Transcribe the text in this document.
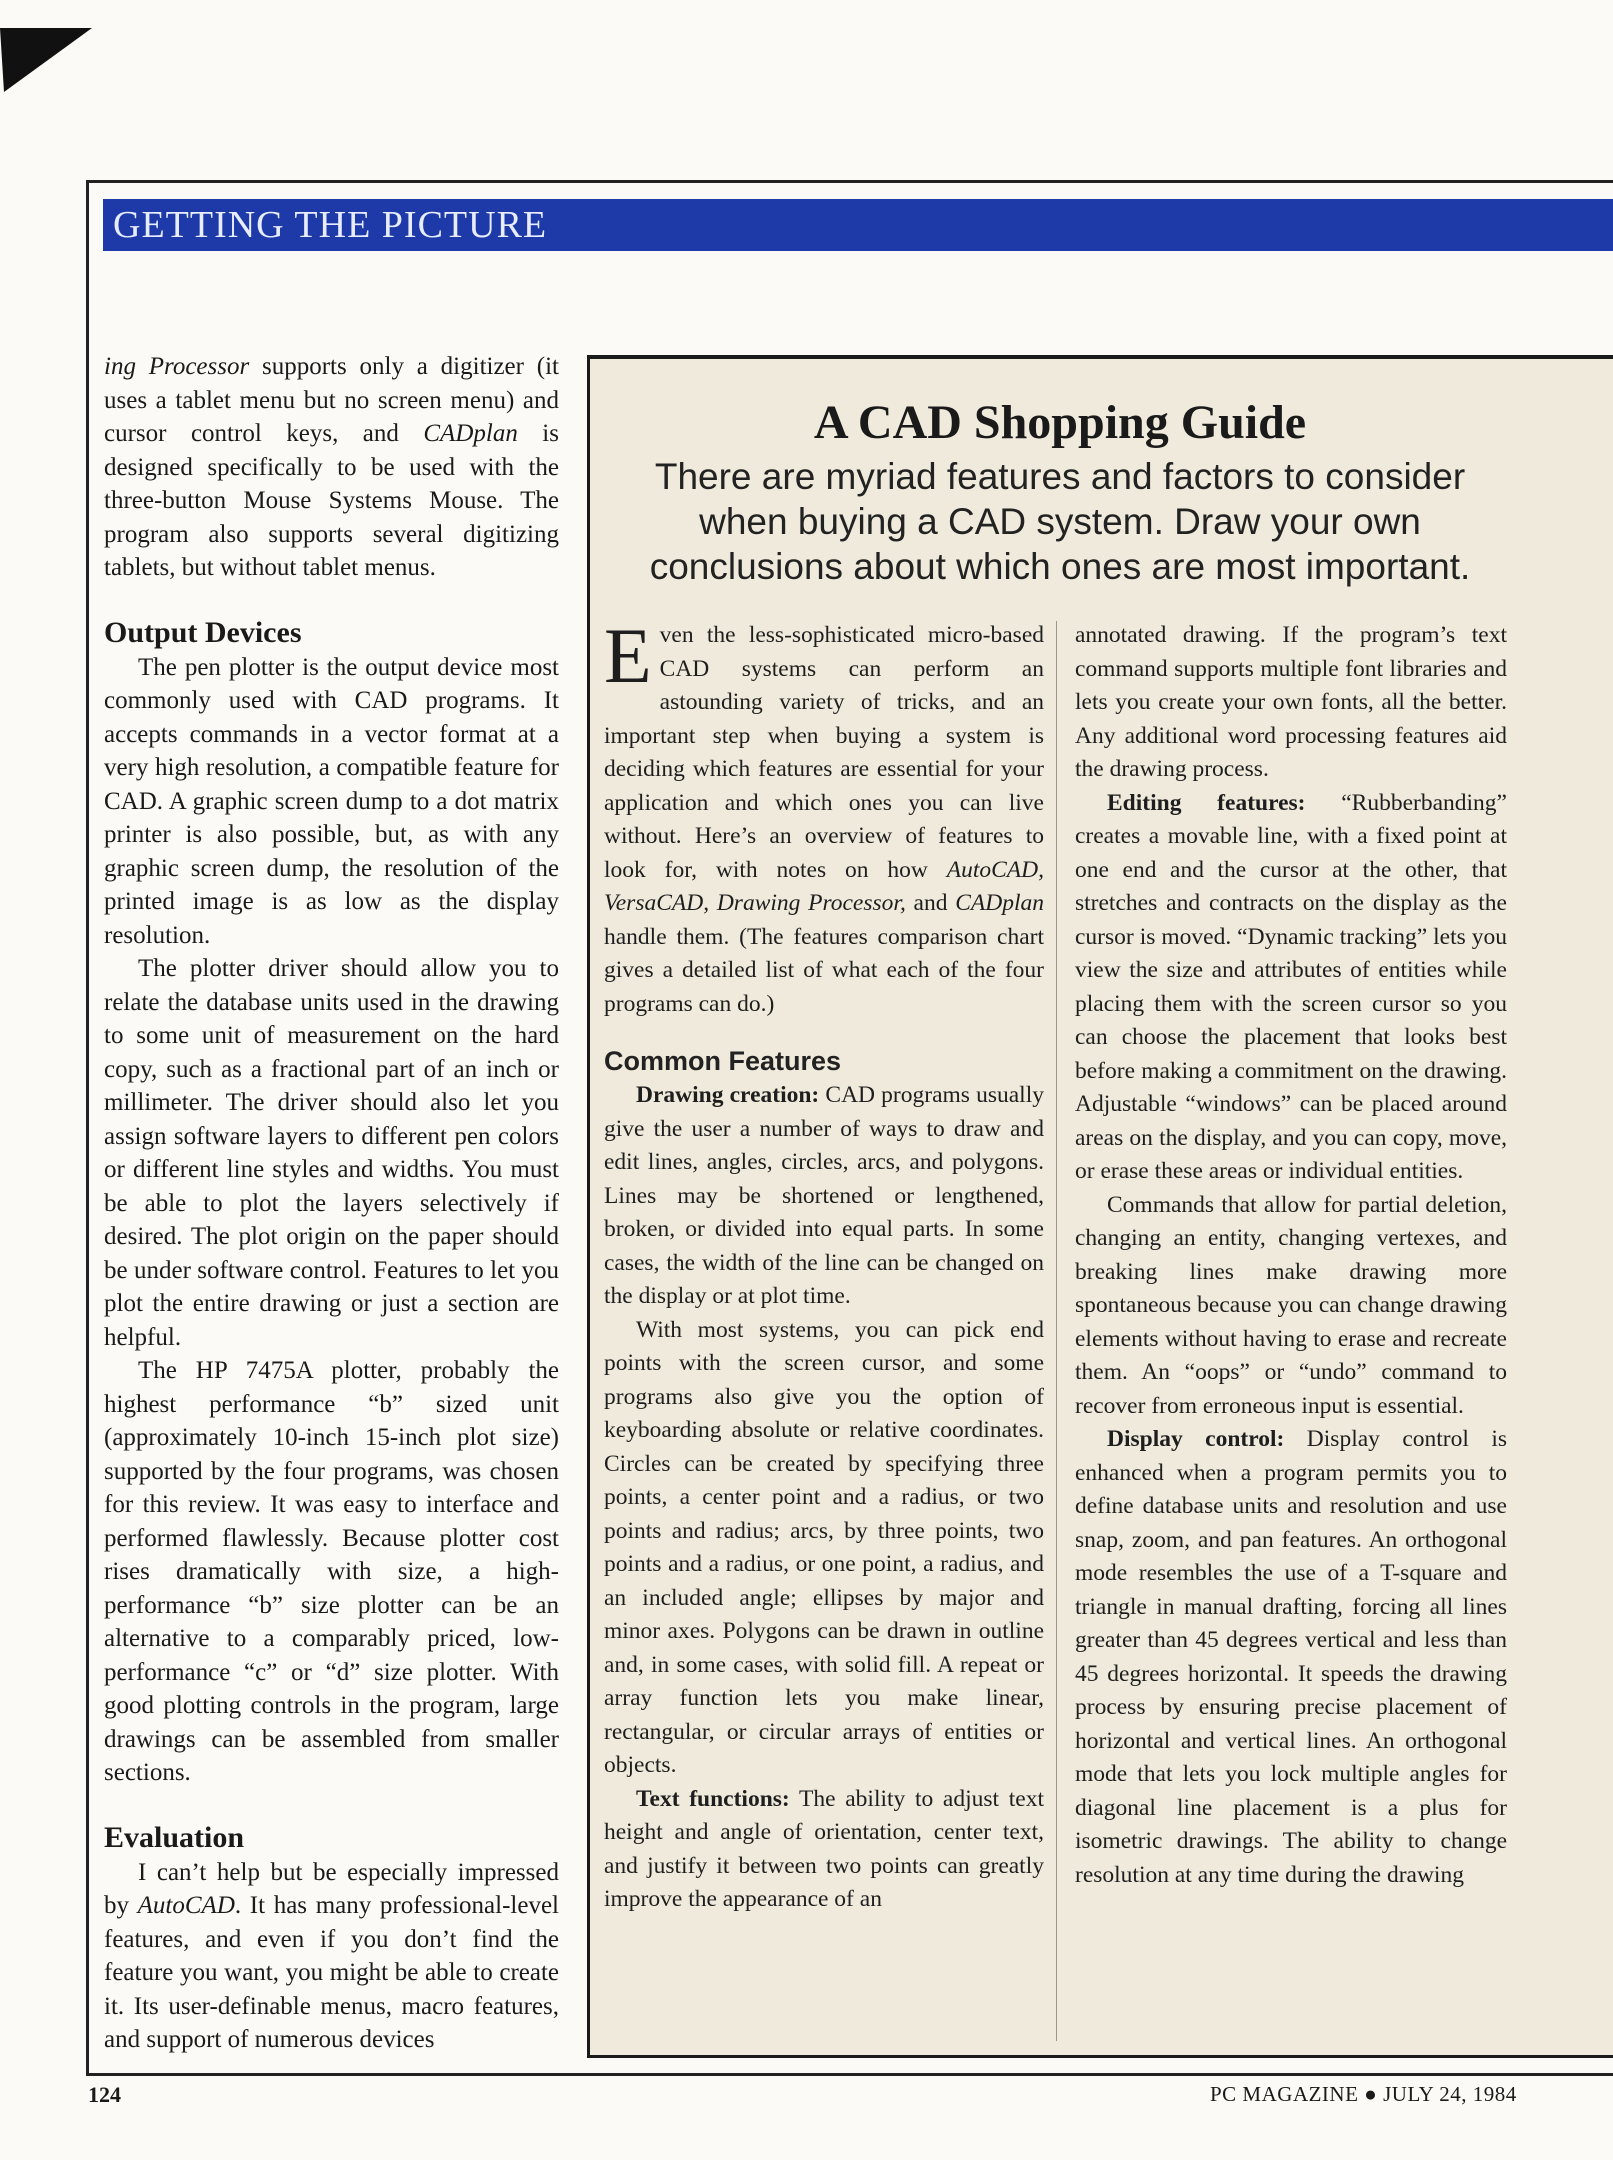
GETTING THE PICTURE

ing Processor supports only a digitizer (it uses a tablet menu but no screen menu) and cursor control keys, and CADplan is designed specifically to be used with the three-button Mouse Systems Mouse. The program also supports several digitizing tablets, but without tablet menus.

Output Devices

The pen plotter is the output device most commonly used with CAD programs. It accepts commands in a vector format at a very high resolution, a compatible feature for CAD. A graphic screen dump to a dot matrix printer is also possible, but, as with any graphic screen dump, the resolution of the printed image is as low as the display resolution.

The plotter driver should allow you to relate the database units used in the drawing to some unit of measurement on the hard copy, such as a fractional part of an inch or millimeter. The driver should also let you assign software layers to different pen colors or different line styles and widths. You must be able to plot the layers selectively if desired. The plot origin on the paper should be under software control. Features to let you plot the entire drawing or just a section are helpful.

The HP 7475A plotter, probably the highest performance “b” sized unit (approximately 10-inch 15-inch plot size) supported by the four programs, was chosen for this review. It was easy to interface and performed flawlessly. Because plotter cost rises dramatically with size, a high-performance “b” size plotter can be an alternative to a comparably priced, low-performance “c” or “d” size plotter. With good plotting controls in the program, large drawings can be assembled from smaller sections.

Evaluation

I can’t help but be especially impressed by AutoCAD. It has many professional-level features, and even if you don’t find the feature you want, you might be able to create it. Its user-definable menus, macro features, and support of numerous devices

A CAD Shopping Guide
There are myriad features and factors to consider when buying a CAD system. Draw your own conclusions about which ones are most important.

Even the less-sophisticated micro-based CAD systems can perform an astounding variety of tricks, and an important step when buying a system is deciding which features are essential for your application and which ones you can live without. Here’s an overview of features to look for, with notes on how AutoCAD, VersaCAD, Drawing Processor, and CADplan handle them. (The features comparison chart gives a detailed list of what each of the four programs can do.)

Common Features

Drawing creation: CAD programs usually give the user a number of ways to draw and edit lines, angles, circles, arcs, and polygons. Lines may be shortened or lengthened, broken, or divided into equal parts. In some cases, the width of the line can be changed on the display or at plot time.

With most systems, you can pick end points with the screen cursor, and some programs also give you the option of keyboarding absolute or relative coordinates. Circles can be created by specifying three points, a center point and a radius, or two points and radius; arcs, by three points, two points and a radius, or one point, a radius, and an included angle; ellipses by major and minor axes. Polygons can be drawn in outline and, in some cases, with solid fill. A repeat or array function lets you make linear, rectangular, or circular arrays of entities or objects.

Text functions: The ability to adjust text height and angle of orientation, center text, and justify it between two points can greatly improve the appearance of an

annotated drawing. If the program’s text command supports multiple font libraries and lets you create your own fonts, all the better. Any additional word processing features aid the drawing process.

Editing features: “Rubberbanding” creates a movable line, with a fixed point at one end and the cursor at the other, that stretches and contracts on the display as the cursor is moved. “Dynamic tracking” lets you view the size and attributes of entities while placing them with the screen cursor so you can choose the placement that looks best before making a commitment on the drawing. Adjustable “windows” can be placed around areas on the display, and you can copy, move, or erase these areas or individual entities.

Commands that allow for partial deletion, changing an entity, changing vertexes, and breaking lines make drawing more spontaneous because you can change drawing elements without having to erase and recreate them. An “oops” or “undo” command to recover from erroneous input is essential.

Display control: Display control is enhanced when a program permits you to define database units and resolution and use snap, zoom, and pan features. An orthogonal mode resembles the use of a T-square and triangle in manual drafting, forcing all lines greater than 45 degrees vertical and less than 45 degrees horizontal. It speeds the drawing process by ensuring precise placement of horizontal and vertical lines. An orthogonal mode that lets you lock multiple angles for diagonal line placement is a plus for isometric drawings. The ability to change resolution at any time during the drawing

124	PC MAGAZINE ● JULY 24, 1984
